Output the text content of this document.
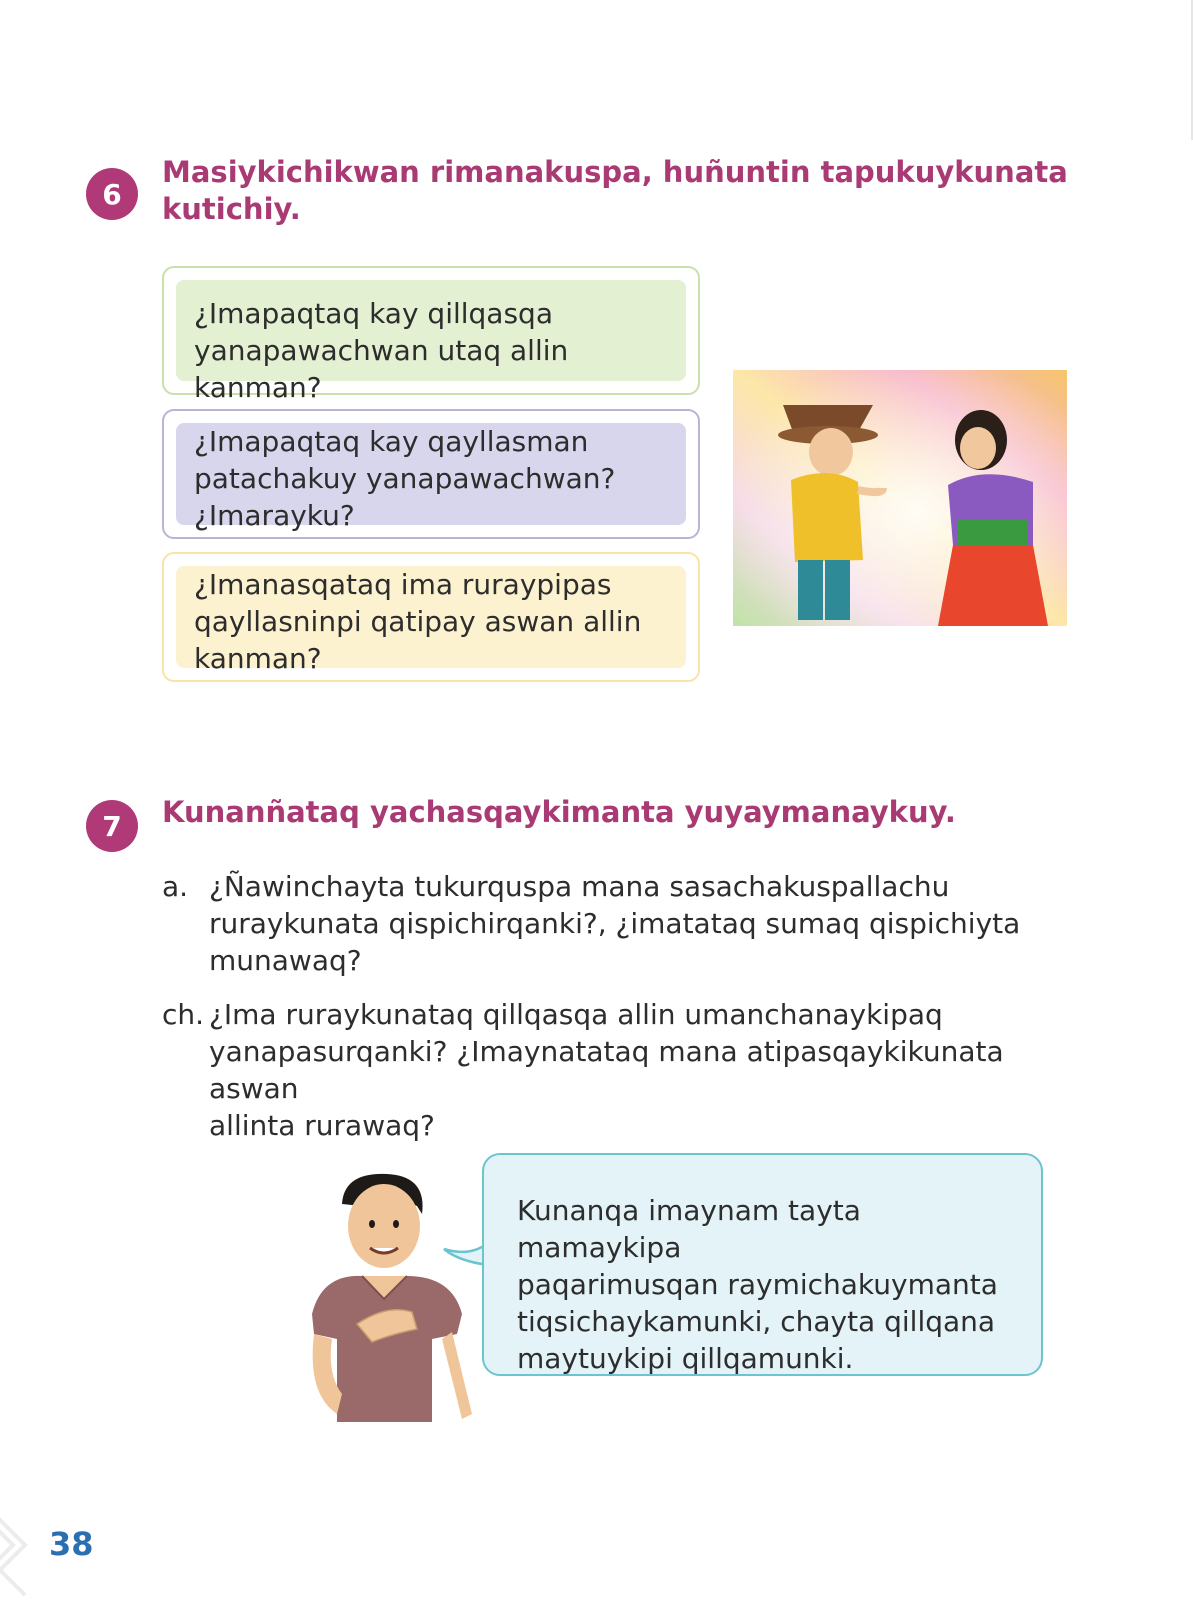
6
Masiykichikwan rimanakuspa, huñuntin tapukuykunata
kutichiy.
¿Imapaqtaq kay qillqasqa
yanapawachwan utaq allin kanman?
¿Imapaqtaq kay qayllasman
patachakuy yanapawachwan?
¿Imarayku?
¿Imanasqataq ima ruraypipas
qayllasninpi qatipay aswan allin
kanman?
7 Kunanñataq yachasqaykimanta yuyaymanaykuy.
a. ¿Ñawinchayta tukurquspa mana sasachakuspallachu
ruraykunata qispichirqanki?, ¿imatataq sumaq qispichiyta
munawaq?
ch. ¿Ima ruraykunataq qillqasqa allin umanchanaykipaq
yanapasurqanki? ¿Imaynatataq mana atipasqaykikunata aswan
allinta rurawaq?
Kunanqa imaynam tayta mamaykipa
paqarimusqan raymichakuymanta
tiqsichaykamunki, chayta qillqana
maytuykipi qillqamunki.
38
